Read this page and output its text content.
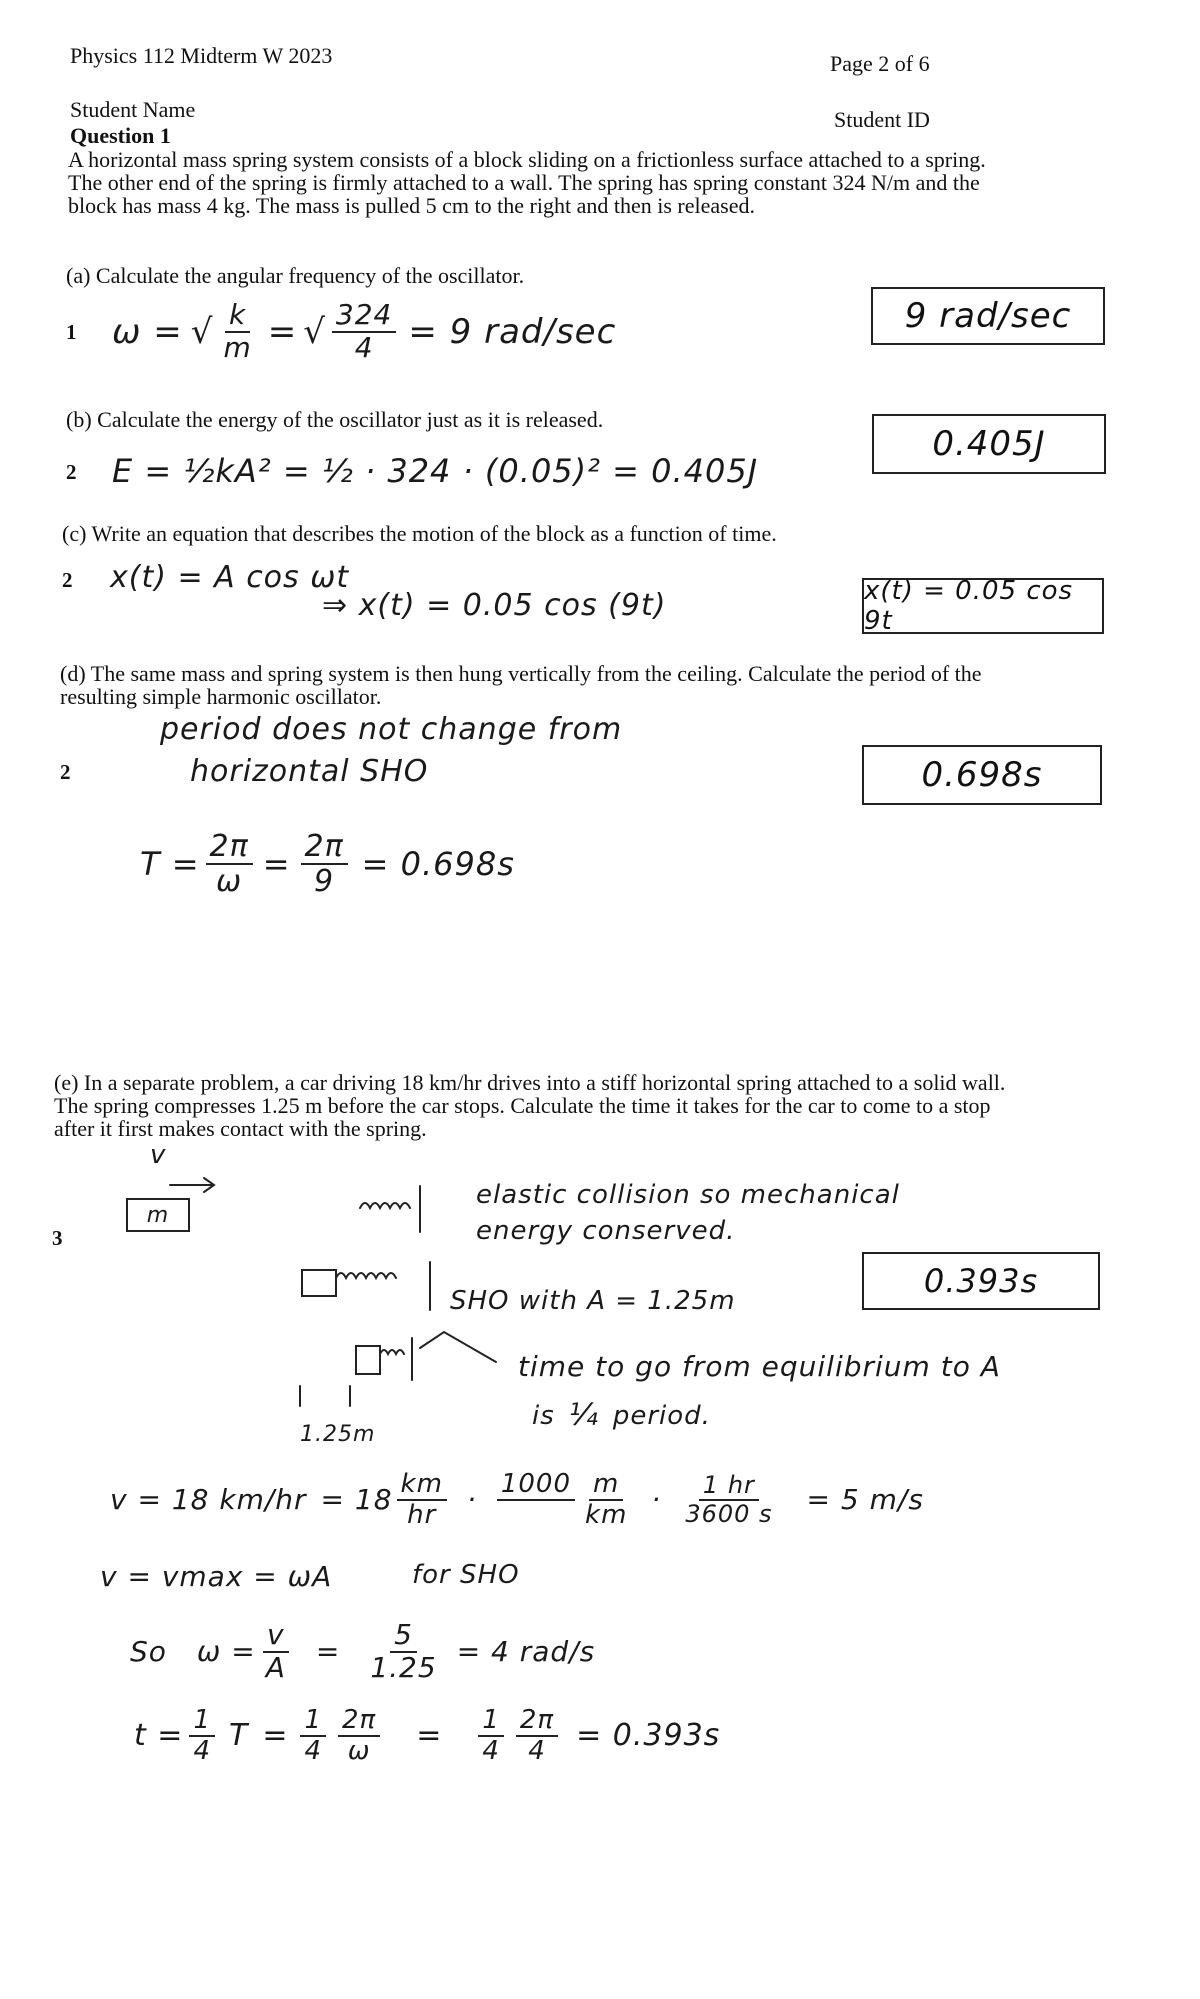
Physics 112 Midterm W 2023	Page 2 of 6
Student Name	Student ID
Question 1
A horizontal mass spring system consists of a block sliding on a frictionless surface attached to a spring.
The other end of the spring is firmly attached to a wall. The spring has spring constant 324 N/m and the
block has mass 4 kg. The mass is pulled 5 cm to the right and then is released.
(a) Calculate the angular frequency of the oscillator.
1 ω = √ $\frac{k}{m}$ = √ $\frac{324}{4} = 9$ rad/sec	9 rad/sec
(b) Calculate the energy of the oscillator just as it is released.
2 E = ½kA² = ½ · 324 · (0.05)² = 0.405J
0.405J
(c) Write an equation that describes the motion of the block as a function of time.
2 x(t) = A cos ωt
⇒ x(t) = 0.05 cos (9t)	x(t) = 0.05 cos 9t
(d) The same mass and spring system is then hung vertically from the ceiling. Calculate the period of the
resulting simple harmonic oscillator.
2
period does not change from
horizontal SHO	0.698s
$T = \frac{2\pi}{\omega} = \frac{2\pi}{9} = 0.698s$
(e) In a separate problem, a car driving 18 km/hr drives into a stiff horizontal spring attached to a solid wall.
The spring compresses 1.25 m before the car stops. Calculate the time it takes for the car to come to a stop
after it first makes contact with the spring.
3
v
m
elastic collision so mechanical
energy conserved.
SHO with A = 1.25m
time to go from equilibrium to A
is ¼ period.
1.25m
0.393s
v = 18 $km/hr = 18 \frac{km}{hr} \cdot 1000$
$\frac{m}{km} \cdot \frac{1 hr}{3600 s} = 5$ m/s
v = vmax = ωA	for SHO
So $\omega = \frac{v}{A} = \frac{5}{1.25} = 4$ rad/s
$t = \frac{1}{4}$ $T = \frac{1}{4} \frac{2\pi}{\omega} = \frac{1}{4} \frac{2\pi}{4} = 0.393s$
